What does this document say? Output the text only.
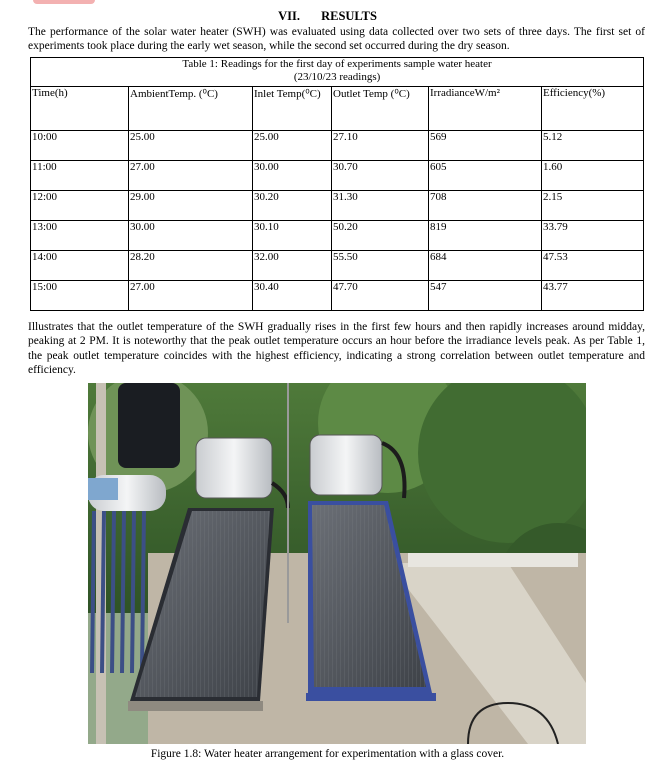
VII. RESULTS

The performance of the solar water heater (SWH) was evaluated using data collected over two sets of three days. The first set of experiments took place during the early wet season, while the second set occurred during the dry season.

Table 1: Readings for the first day of experiments sample water heater
(23/10/23 readings)					

Time(h)	AmbientTemp. (⁰C)	Inlet Temp(⁰C)	Outlet Temp (⁰C)	IrradianceW/m²	Efficiency(%)
10:00	25.00	25.00	27.10	569	5.12
11:00	27.00	30.00	30.70	605	1.60
12:00	29.00	30.20	31.30	708	2.15
13:00	30.00	30.10	50.20	819	33.79
14:00	28.20	32.00	55.50	684	47.53
15:00	27.00	30.40	47.70	547	43.77

Illustrates that the outlet temperature of the SWH gradually rises in the first few hours and then rapidly increases around midday, peaking at 2 PM. It is noteworthy that the peak outlet temperature occurs an hour before the irradiance levels peak. As per Table 1, the peak outlet temperature coincides with the highest efficiency, indicating a strong correlation between outlet temperature and efficiency.

Figure 1.8: Water heater arrangement for experimentation with a glass cover.
